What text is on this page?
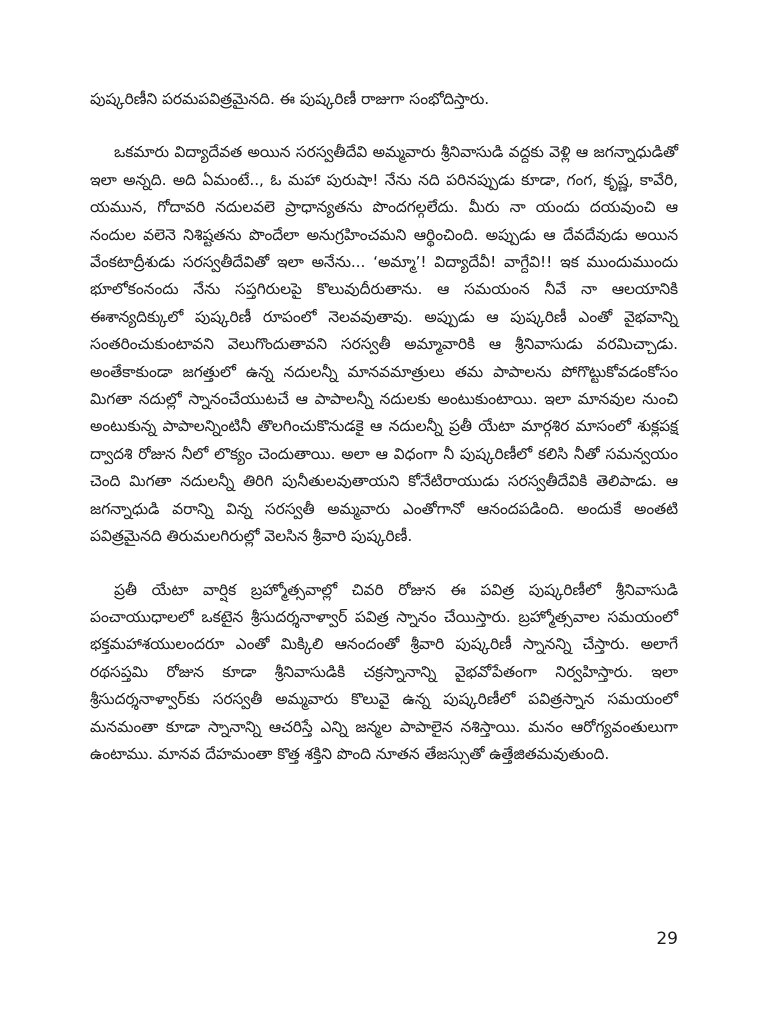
పుష్కరిణీని పరమపవిత్రమైనది. ఈ పుష్కరిణీ రాజుగా సంభోదిస్తారు.

ఒకమారు విద్యాదేవత అయిన సరస్వతీదేవి అమ్మవారు శ్రీనివాసుడి వద్దకు వెళ్లి ఆ జగన్నాధుడితో ఇలా అన్నది. అది ఏమంటే.., ఓ మహా పురుషా! నేను నది పరినప్పుడు కూడా, గంగ, కృష్ణ, కావేరి, యమున, గోదావరి నదులవలె ప్రాధాన్యతను పొందగల్గలేదు. మీరు నా యందు దయవుంచి ఆ నందుల వలెనె నిశిష్టతను పొందేలా అనుగ్రహించమని ఆర్థించింది. అప్పుడు ఆ దేవదేవుడు అయిన వేంకటాద్రీశుడు సరస్వతీదేవితో ఇలా అనేను... ‘అమ్మా’! విద్యాదేవీ! వాగ్దేవి!! ఇక ముందుముందు భూలోకంనందు నేను సప్తగిరులపై కొలువుదీరుతాను. ఆ సమయంన నీవే నా ఆలయానికి ఈశాన్యదిక్కులో పుష్కరిణీ రూపంలో నెలవవుతావు. అప్పుడు ఆ పుష్కరిణీ ఎంతో వైభవాన్ని సంతరించుకుంటావని వెలుగొందుతావని సరస్వతీ అమ్మావారికి ఆ శ్రీనివాసుడు వరమిచ్చాడు. అంతేకాకుండా జగత్తులో ఉన్న నదులన్నీ మానవమాత్రులు తమ పాపాలను పోగొట్టుకోవడంకోసం మిగతా నదుల్లో స్నానంచేయుటచే ఆ పాపాలన్నీ నదులకు అంటుకుంటాయి. ఇలా మానవుల నుంచి అంటుకున్న పాపాలన్నింటినీ తొలగించుకొనుడకై ఆ నదులన్నీ ప్రతీ యేటా మార్గశిర మాసంలో శుక్లపక్ష ద్వాదశి రోజున నీలో లొక్యం చెందుతాయి. అలా ఆ విధంగా నీ పుష్కరిణీలో కలిసి నీతో సమన్వయం చెంది మిగతా నదులన్నీ తిరిగి పునీతులవుతాయని కోనేటిరాయుడు సరస్వతీదేవికి తెలిపాడు. ఆ జగన్నాధుడి వరాన్ని విన్న సరస్వతీ అమ్మవారు ఎంతోగానో ఆనందపడింది. అందుకే అంతటి పవిత్రమైనది తిరుమలగిరుల్లో వెలసిన శ్రీవారి పుష్కరిణీ.

ప్రతీ యేటా వార్షిక బ్రహ్మోత్సవాల్లో చివరి రోజున ఈ పవిత్ర పుష్కరిణీలో శ్రీనివాసుడి పంచాయుధాలలో ఒకటైన శ్రీసుదర్శనాళ్వార్ పవిత్ర స్నానం చేయిస్తారు. బ్రహ్మోత్సవాల సమయంలో భక్తమహాశయులందరూ ఎంతో మిక్కిలి ఆనందంతో శ్రీవారి పుష్కరిణీ స్నానన్ని చేస్తారు. అలాగే రథసప్తమి రోజున కూడా శ్రీనివాసుడికి చక్రస్నానాన్ని వైభవోపేతంగా నిర్వహిస్తారు. ఇలా శ్రీసుదర్శనాళ్వార్‌కు సరస్వతీ అమ్మవారు కొలువై ఉన్న పుష్కరిణీలో పవిత్రస్నాన సమయంలో మనమంతా కూడా స్నానాన్ని ఆచరిస్తే ఎన్ని జన్మల పాపాలైన నశిస్తాయి. మనం ఆరోగ్యవంతులుగా ఉంటాము. మానవ దేహమంతా కొత్త శక్తిని పొంది నూతన తేజస్సుతో ఉత్తేజితమవుతుంది.

29
